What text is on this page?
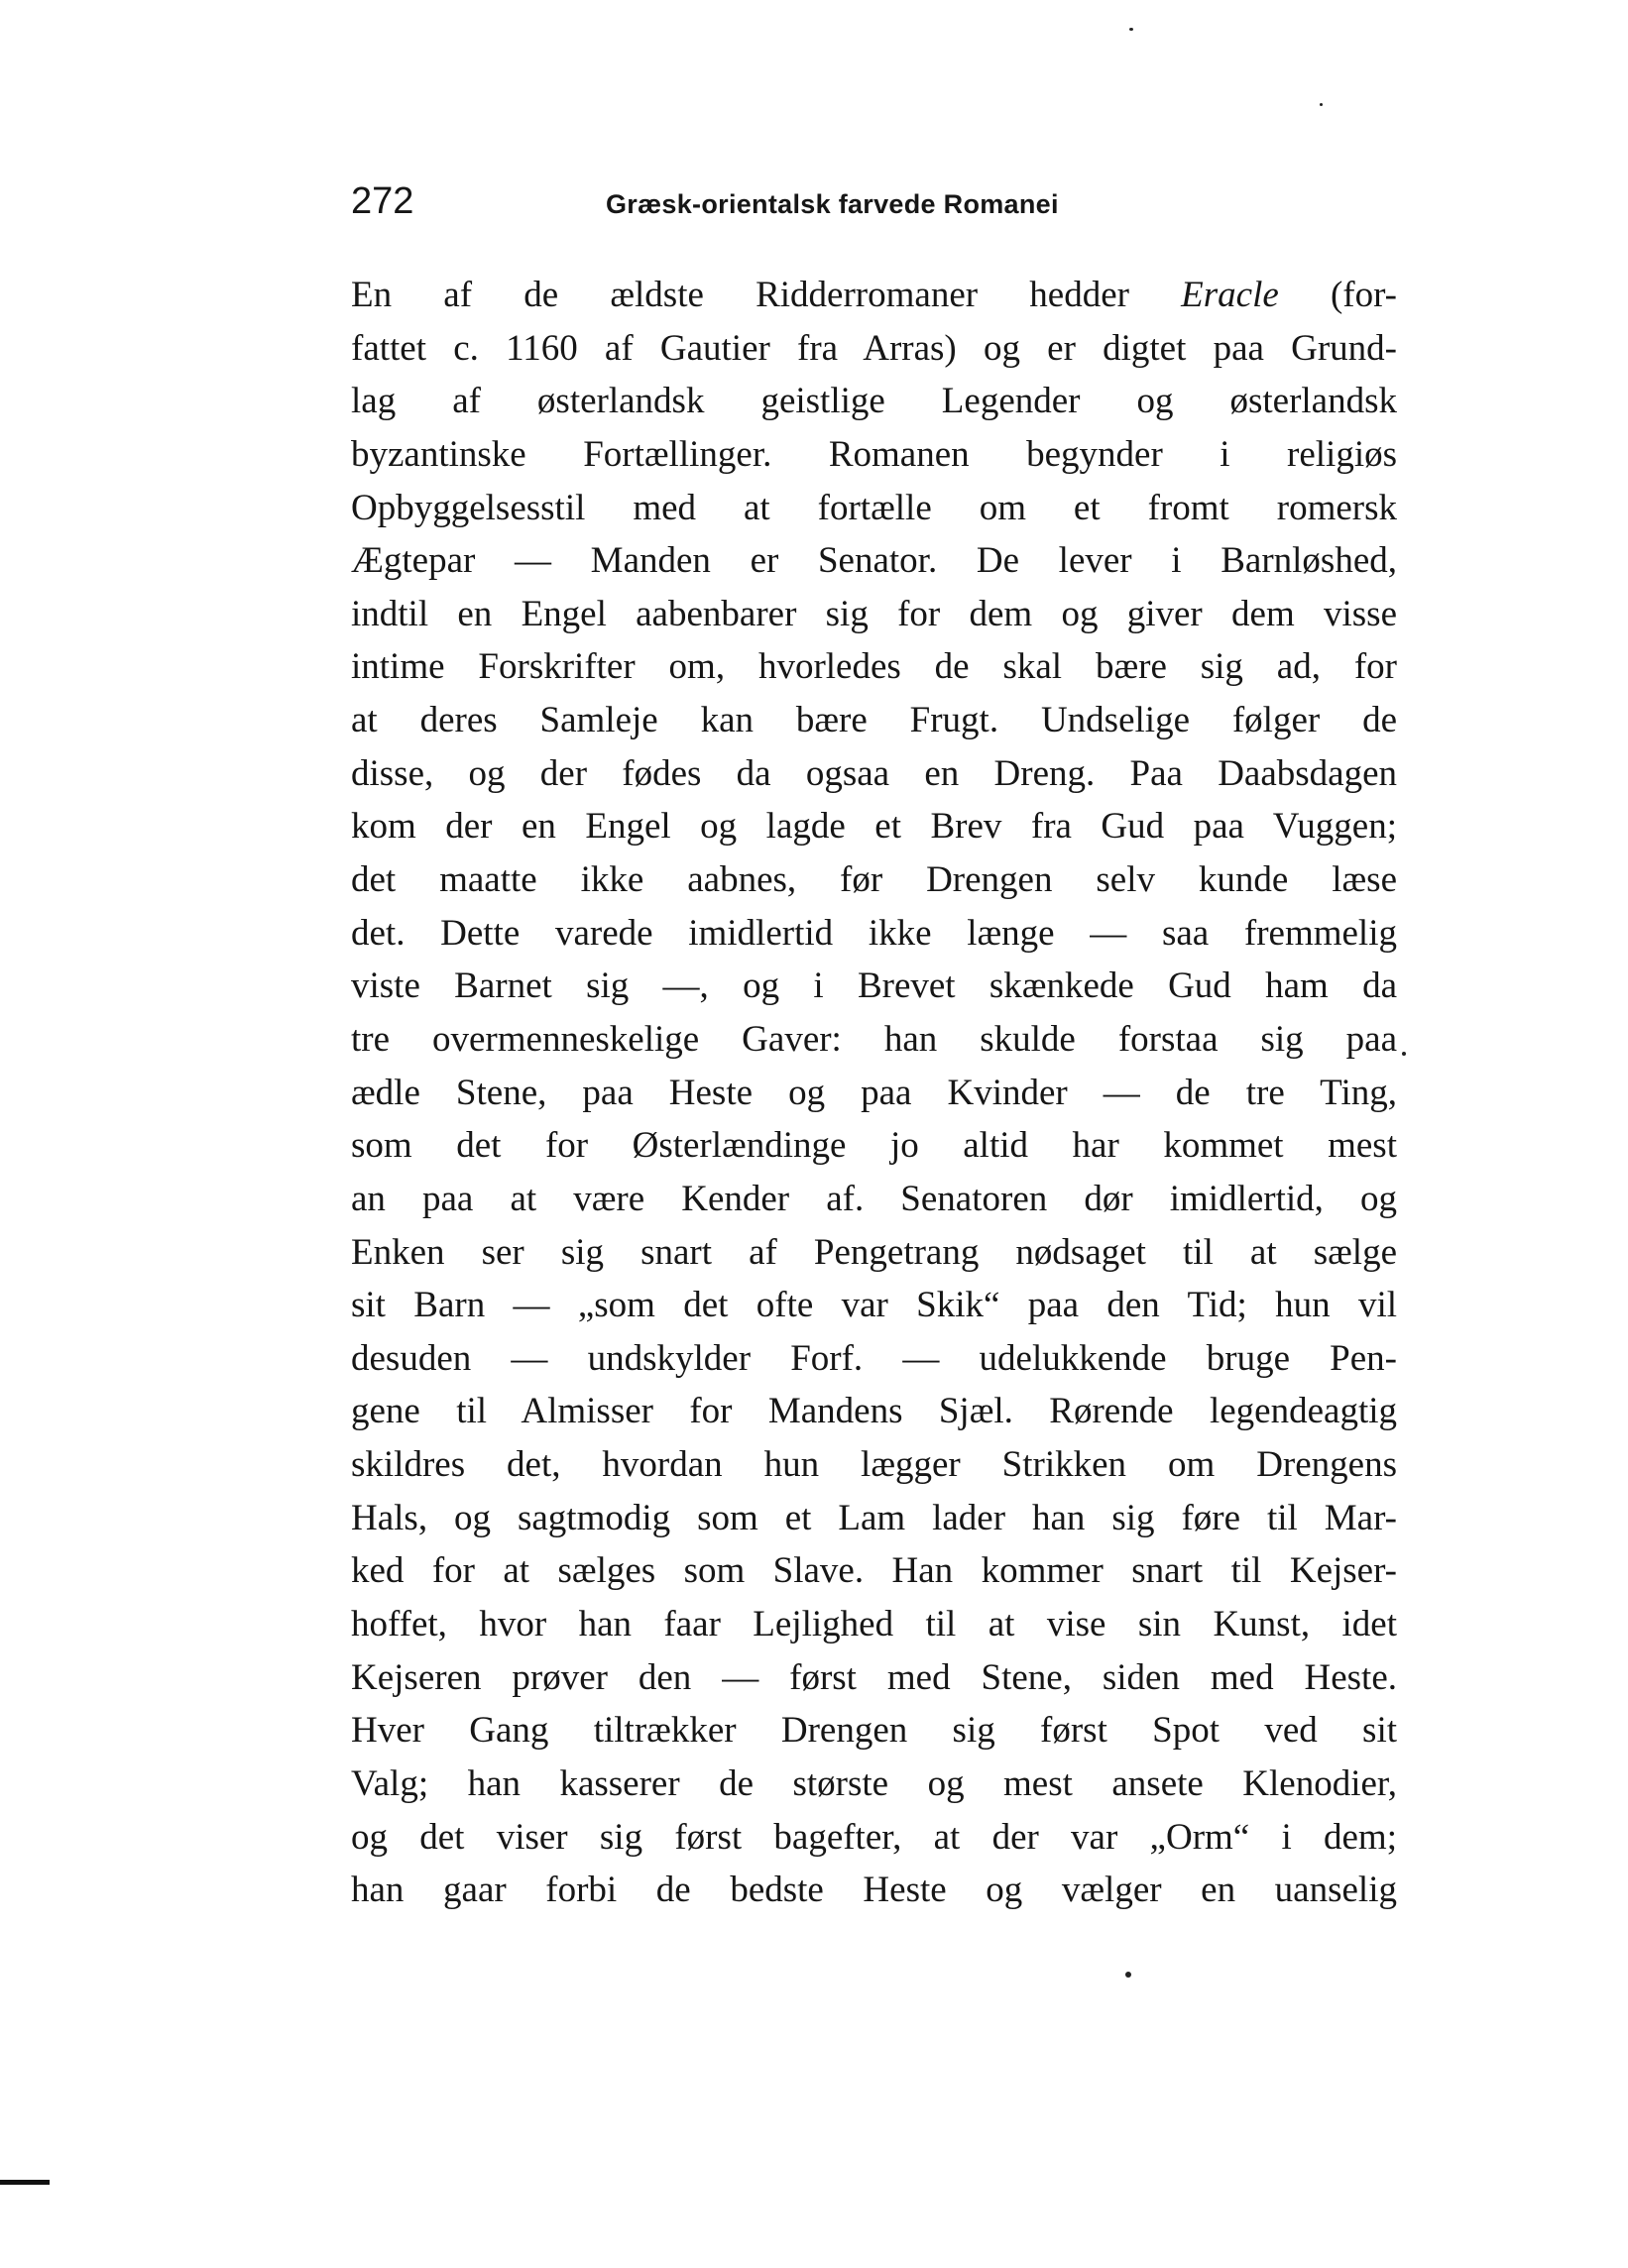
272	Græsk-orientalsk farvede Romanei
En af de ældste Ridderromaner hedder Eracle (for-
fattet c. 1160 af Gautier fra Arras) og er digtet paa Grund-
lag af østerlandsk geistlige Legender og østerlandsk
byzantinske Fortællinger. Romanen begynder i religiøs
Opbyggelsesstil med at fortælle om et fromt romersk
Ægtepar — Manden er Senator. De lever i Barnløshed,
indtil en Engel aabenbarer sig for dem og giver dem visse
intime Forskrifter om, hvorledes de skal bære sig ad, for
at deres Samleje kan bære Frugt. Undselige følger de
disse, og der fødes da ogsaa en Dreng. Paa Daabsdagen
kom der en Engel og lagde et Brev fra Gud paa Vuggen;
det maatte ikke aabnes, før Drengen selv kunde læse
det. Dette varede imidlertid ikke længe — saa fremmelig
viste Barnet sig —, og i Brevet skænkede Gud ham da
tre overmenneskelige Gaver: han skulde forstaa sig paa
ædle Stene, paa Heste og paa Kvinder — de tre Ting,
som det for Østerlændinge jo altid har kommet mest
an paa at være Kender af. Senatoren dør imidlertid, og
Enken ser sig snart af Pengetrang nødsaget til at sælge
sit Barn — „som det ofte var Skik“ paa den Tid; hun vil
desuden — undskylder Forf. — udelukkende bruge Pen-
gene til Almisser for Mandens Sjæl. Rørende legendeagtig
skildres det, hvordan hun lægger Strikken om Drengens
Hals, og sagtmodig som et Lam lader han sig føre til Mar-
ked for at sælges som Slave. Han kommer snart til Kejser-
hoffet, hvor han faar Lejlighed til at vise sin Kunst, idet
Kejseren prøver den — først med Stene, siden med Heste.
Hver Gang tiltrækker Drengen sig først Spot ved sit
Valg; han kasserer de største og mest ansete Klenodier,
og det viser sig først bagefter, at der var „Orm“ i dem;
han gaar forbi de bedste Heste og vælger en uanselig
